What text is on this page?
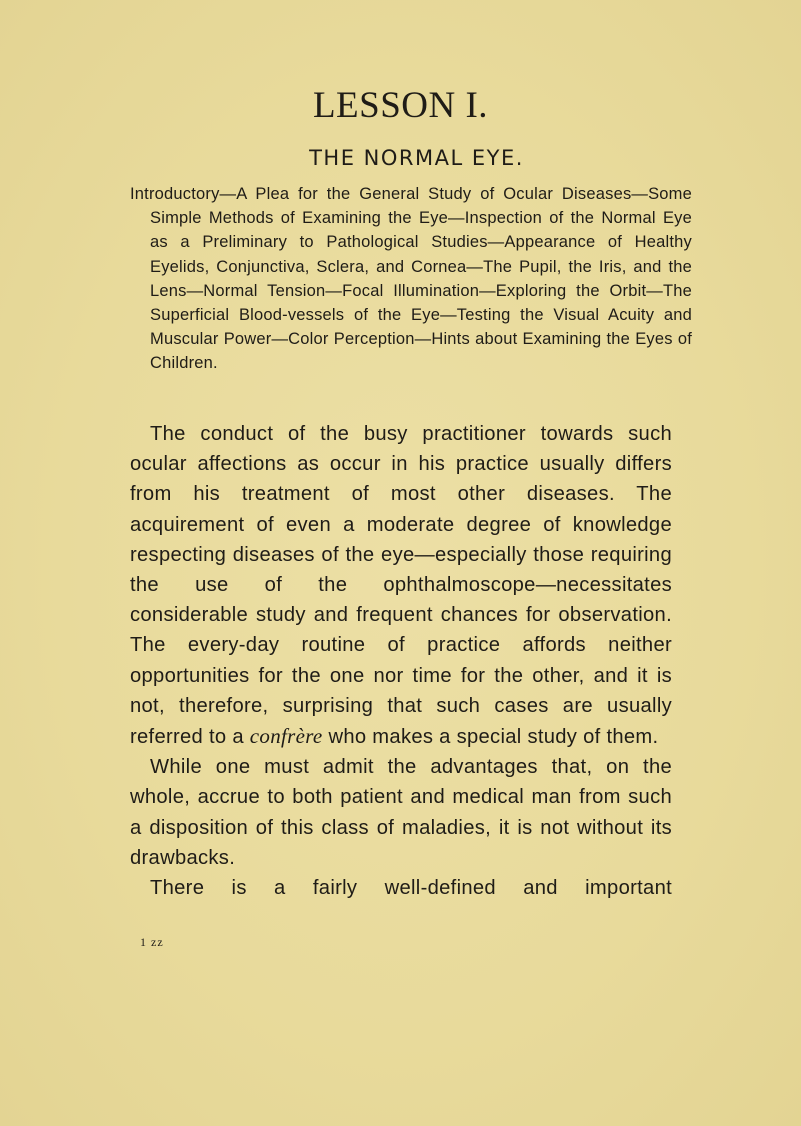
LESSON I.
THE NORMAL EYE.
Introductory—A Plea for the General Study of Ocular Diseases—Some Simple Methods of Examining the Eye—Inspection of the Normal Eye as a Preliminary to Pathological Studies—Appearance of Healthy Eyelids, Conjunctiva, Sclera, and Cornea—The Pupil, the Iris, and the Lens—Normal Tension—Focal Illumination—Exploring the Orbit—The Superficial Blood-vessels of the Eye—Testing the Visual Acuity and Muscular Power—Color Perception—Hints about Examining the Eyes of Children.

The conduct of the busy practitioner towards such ocular affections as occur in his practice usually differs from his treatment of most other diseases. The acquirement of even a moderate degree of knowledge respecting diseases of the eye—especially those requiring the use of the ophthalmoscope—necessitates considerable study and frequent chances for observation. The every-day routine of practice affords neither opportunities for the one nor time for the other, and it is not, therefore, surprising that such cases are usually referred to a confrère who makes a special study of them.

While one must admit the advantages that, on the whole, accrue to both patient and medical man from such a disposition of this class of maladies, it is not without its drawbacks.

There is a fairly well-defined and important

1 zz
